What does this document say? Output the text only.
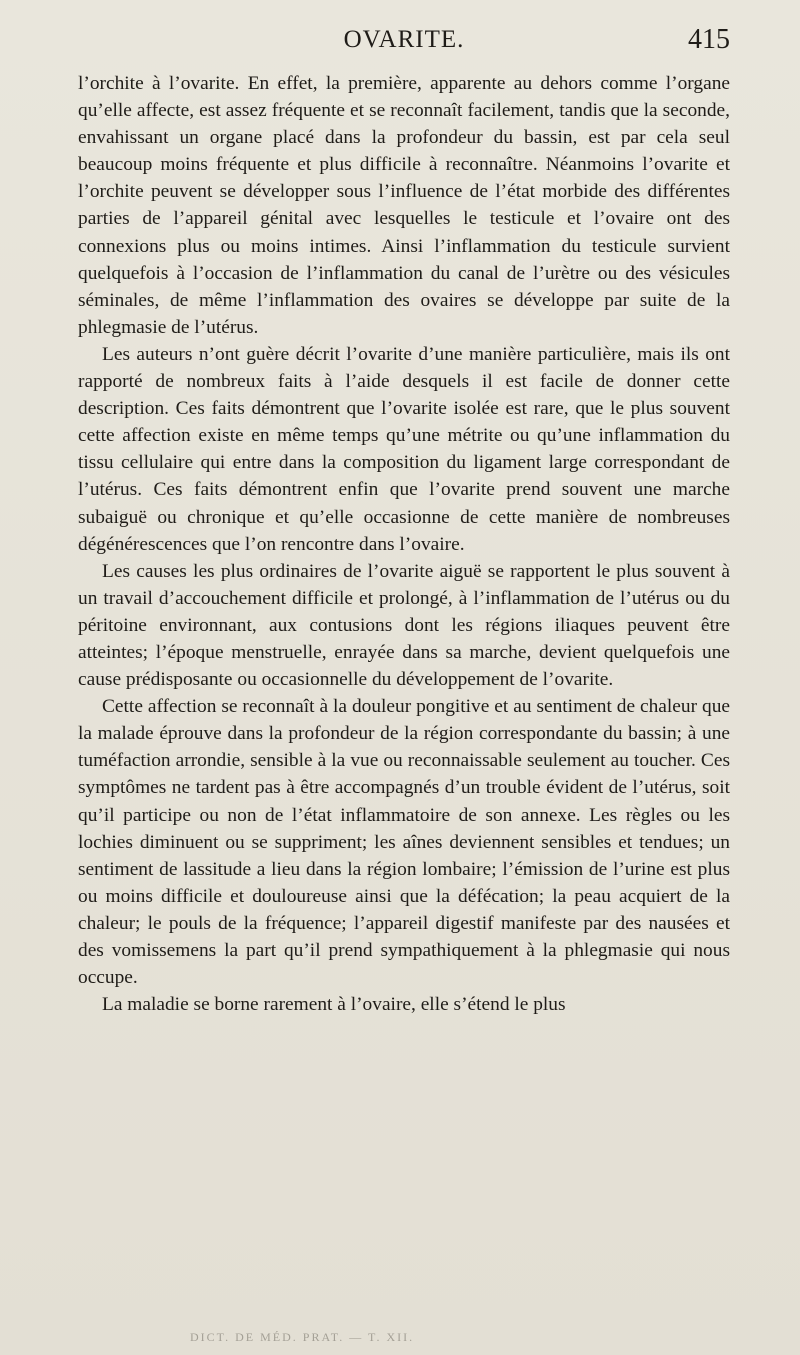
OVARITE.	415

l’orchite à l’ovarite. En effet, la première, apparente au dehors comme l’organe qu’elle affecte, est assez fréquente et se reconnaît facilement, tandis que la seconde, envahissant un organe placé dans la profondeur du bassin, est par cela seul beaucoup moins fréquente et plus difficile à reconnaître. Néanmoins l’ovarite et l’orchite peuvent se développer sous l’influence de l’état morbide des différentes parties de l’appareil génital avec lesquelles le testicule et l’ovaire ont des connexions plus ou moins intimes. Ainsi l’inflammation du testicule survient quelquefois à l’occasion de l’inflammation du canal de l’urètre ou des vésicules séminales, de même l’inflammation des ovaires se développe par suite de la phlegmasie de l’utérus.

Les auteurs n’ont guère décrit l’ovarite d’une manière particulière, mais ils ont rapporté de nombreux faits à l’aide desquels il est facile de donner cette description. Ces faits démontrent que l’ovarite isolée est rare, que le plus souvent cette affection existe en même temps qu’une métrite ou qu’une inflammation du tissu cellulaire qui entre dans la composition du ligament large correspondant de l’utérus. Ces faits démontrent enfin que l’ovarite prend souvent une marche subaiguë ou chronique et qu’elle occasionne de cette manière de nombreuses dégénérescences que l’on rencontre dans l’ovaire.

Les causes les plus ordinaires de l’ovarite aiguë se rapportent le plus souvent à un travail d’accouchement difficile et prolongé, à l’inflammation de l’utérus ou du péritoine environnant, aux contusions dont les régions iliaques peuvent être atteintes; l’époque menstruelle, enrayée dans sa marche, devient quelquefois une cause prédisposante ou occasionnelle du développement de l’ovarite.

Cette affection se reconnaît à la douleur pongitive et au sentiment de chaleur que la malade éprouve dans la profondeur de la région correspondante du bassin; à une tuméfaction arrondie, sensible à la vue ou reconnaissable seulement au toucher. Ces symptômes ne tardent pas à être accompagnés d’un trouble évident de l’utérus, soit qu’il participe ou non de l’état inflammatoire de son annexe. Les règles ou les lochies diminuent ou se suppriment; les aînes deviennent sensibles et tendues; un sentiment de lassitude a lieu dans la région lombaire; l’émission de l’urine est plus ou moins difficile et douloureuse ainsi que la défécation; la peau acquiert de la chaleur; le pouls de la fréquence; l’appareil digestif manifeste par des nausées et des vomissemens la part qu’il prend sympathiquement à la phlegmasie qui nous occupe.

La maladie se borne rarement à l’ovaire, elle s’étend le plus

DICT. DE MÉD. PRAT. — T. XII.
